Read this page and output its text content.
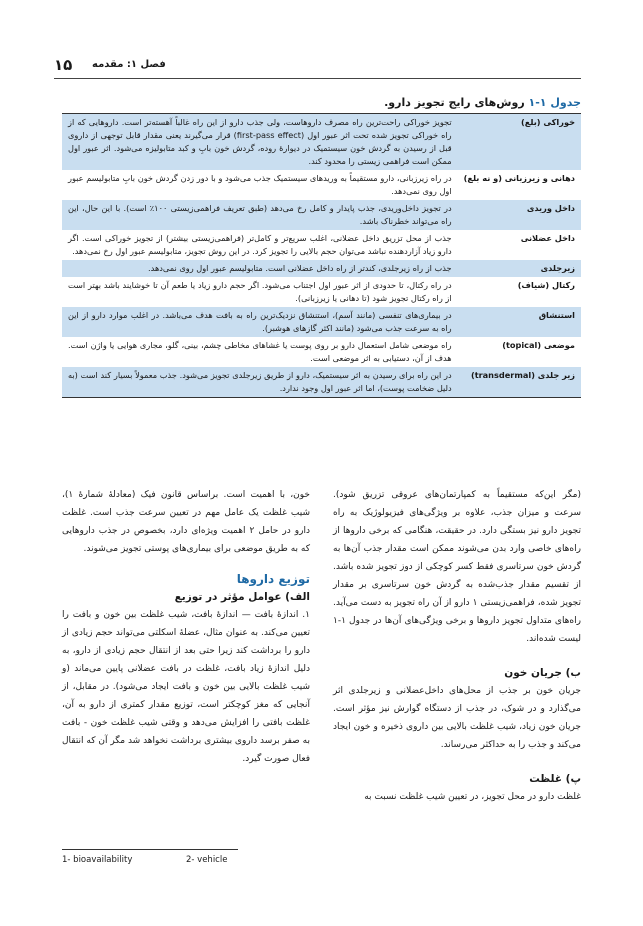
۱۵ فصل ۱: مقدمه
جدول ۱-۱ روش‌های رایج تجویز دارو.
خوراکی (بلع)	تجویز خوراکی راحت‌ترین راه مصرف داروهاست، ولی جذب دارو از این راه غالباً آهسته‌تر است. داروهایی که از راه خوراکی تجویز شده تحت اثر عبور اول (first-pass effect) قرار می‌گیرند یعنی مقدار قابل توجهی از داروی قبل از رسیدن به گردش خون سیستمیک در دیوارهٔ روده، گردش خون بابِ و کبد متابولیزه می‌شود. اثر عبور اول ممکن است فراهمی زیستی را محدود کند.
دهانی و زیرزبانی (و نه بلع)	در راه زیرزبانی، دارو مستقیماً به وریدهای سیستمیک جذب می‌شود و با دور زدن گردش خون بابِ متابولیسم عبور اول روی نمی‌دهد.
داخل وریدی	در تجویز داخل‌وریدی، جذب پایدار و کامل رخ می‌دهد (طبق تعریف فراهمی‌زیستی ۱۰۰٪ است). با این حال، این راه می‌تواند خطرناک باشد.
داخل عضلانی	جذب از محل تزریق داخل عضلانی، اغلب سریع‌تر و کامل‌تر (فراهمی‌زیستی بیشتر) از تجویز خوراکی است. اگر دارو زیاد آزاردهنده نباشد می‌توان حجم بالایی را تجویز کرد. در این روش تجویز، متابولیسم عبور اول رخ نمی‌دهد.
زیرجلدی	جذب از راه زیرجلدی، کندتر از راه داخل عضلانی است. متابولیسم عبور اول روی نمی‌دهد.
رکتال (شیاف)	در راه رکتال، تا حدودی از اثر عبور اول اجتناب می‌شود. اگر حجم دارو زیاد یا طعم آن تا خوشایند باشد بهتر است از راه رکتال تجویز شود (تا دهانی یا زیرزبانی).
استنشاق	در بیماری‌های تنفسی (مانند آسم)، استنشاق نزدیک‌ترین راه به بافت هدف می‌باشد. در اغلب موارد دارو از این راه به سرعت جذب می‌شود (مانند اکثر گازهای هوشبر).
موضعی (topical)	راه موضعی شامل استعمال دارو بر روی پوست یا غشاهای مخاطی چشم، بینی، گلو، مجاری هوایی یا واژن است. هدف از آن، دستیابی به اثر موضعی است.
زیر جلدی (transdermal)	در این راه برای رسیدن به اثر سیستمیک، دارو از طریق زیرجلدی تجویز می‌شود. جذب معمولاً بسیار کند است (به دلیل ضخامت پوست)، اما اثر عبور اول وجود ندارد.

(مگر این‌که مستقیماً به کمپارتمان‌های عروقی تزریق شود). سرعت و میزان جذب، علاوه بر ویژگی‌های فیزیولوژیک به راه تجویز دارو نیز بستگی دارد. در حقیقت، هنگامی که برخی داروها از راه‌های خاصی وارد بدن می‌شوند ممکن است مقدار جذب آن‌ها به گردش خون سرتاسری فقط کسر کوچکی از دوز تجویز شده باشد. از تقسیم مقدار جذب‌شده به گردش خون سرتاسری بر مقدار تجویز شده، فراهمی‌زیستی ۱ دارو از آن راه تجویز به دست می‌آید. راه‌های متداول تجویز داروها و برخی ویژگی‌های آن‌ها در جدول ۱-۱ لیست شده‌اند.

ب) جریان خون

جریان خون بر جذب از محل‌های داخل‌عضلانی و زیرجلدی اثر می‌گذارد و در شوک، در جذب از دستگاه گوارش نیز مؤثر است. جریان خون زیاد، شیب غلظت بالایی بین داروی ذخیره و خون ایجاد می‌کند و جذب را به حداکثر می‌رساند.

پ) غلظت

غلظت دارو در محل تجویز، در تعیین شیب غلظت نسبت به

خون، با اهمیت است. براساس قانون فیک (معادلهٔ شمارهٔ ۱)، شیب غلظت یک عامل مهم در تعیین سرعت جذب است. غلظت دارو در حامل ۲ اهمیت ویژه‌ای دارد، بخصوص در جذب داروهایی که به طریق موضعی برای بیماری‌های پوستی تجویز می‌شوند.

توزیع داروها

الف) عوامل مؤثر در توزیع

۱. اندازهٔ بافت — اندازهٔ بافت، شیب غلظت بین خون و بافت را تعیین می‌کند. به عنوان مثال، عضلهٔ اسکلتی می‌تواند حجم زیادی از دارو را برداشت کند زیرا حتی بعد از انتقال حجم زیادی از دارو، به دلیل اندازهٔ زیاد بافت، غلظت در بافت عضلانی پایین می‌ماند (و شیب غلظت بالایی بین خون و بافت ایجاد می‌شود). در مقابل، از آنجایی که مغز کوچکتر است، توزیع مقدار کمتری از دارو به آن، غلظت بافتی را افزایش می‌دهد و وقتی شیب غلظت خون - بافت به صفر برسد داروی بیشتری برداشت نخواهد شد مگر آن که انتقال فعال صورت گیرد.

1- bioavailability	2- vehicle
